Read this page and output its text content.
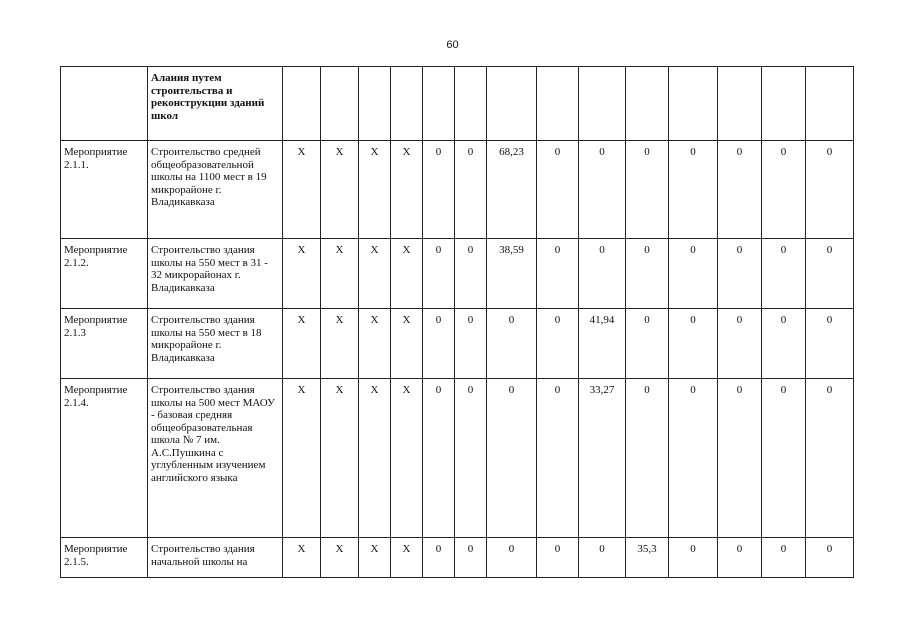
60
	Алания путем строительства и реконструкции зданий школ														
Мероприятие 2.1.1.	Строительство средней общеобразовательной школы на 1100 мест в 19 микрорайоне г. Владикавказа	Х	Х	Х	Х	0	0	68,23	0	0	0	0	0	0	0
Мероприятие 2.1.2.	Строительство здания школы на 550 мест в 31 - 32 микрорайонах г. Владикавказа	Х	Х	Х	Х	0	0	38,59	0	0	0	0	0	0	0
Мероприятие 2.1.3	Строительство здания школы на 550 мест в 18 микрорайоне г. Владикавказа	Х	Х	Х	Х	0	0	0	0	41,94	0	0	0	0	0
Мероприятие 2.1.4.	Строительство здания школы на 500 мест МАОУ - базовая средняя общеобразовательная школа № 7 им. А.С.Пушкина с углубленным изучением английского языка	Х	Х	Х	Х	0	0	0	0	33,27	0	0	0	0	0
Мероприятие 2.1.5.	Строительство здания начальной школы на	Х	Х	Х	Х	0	0	0	0	0	35,3	0	0	0	0
